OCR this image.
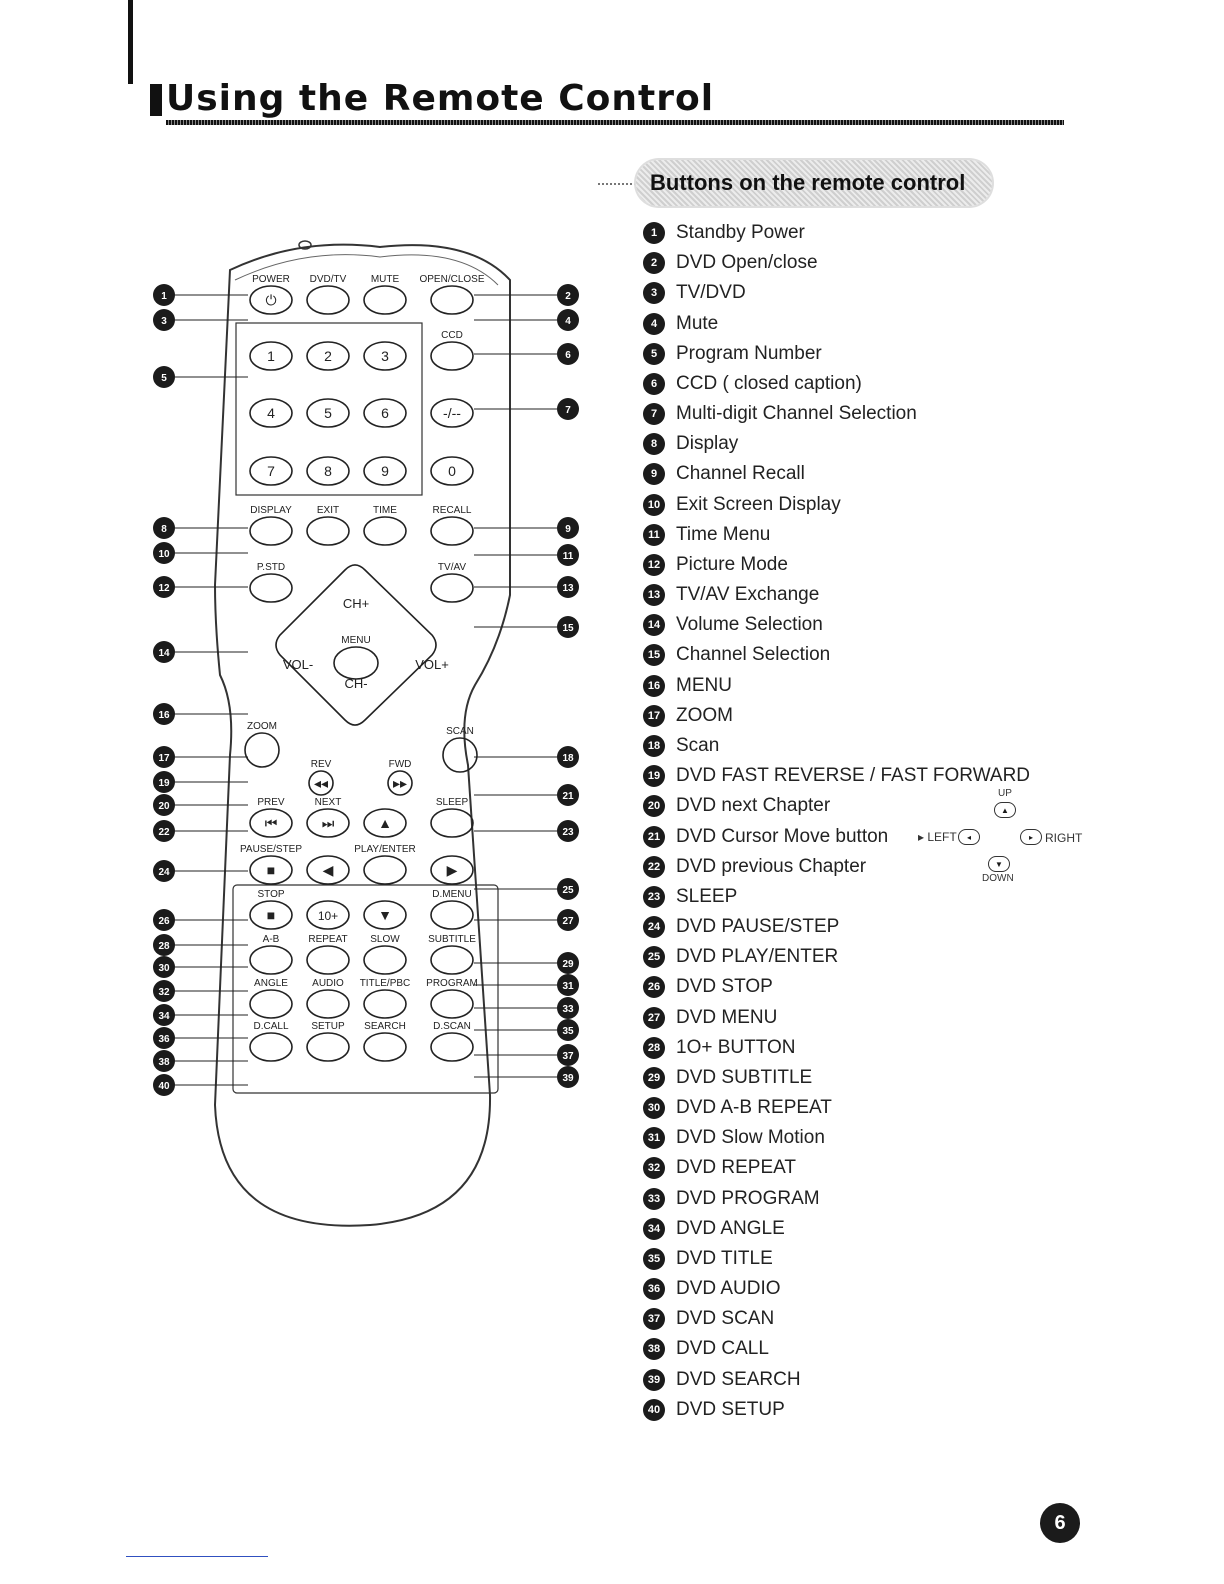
Using the Remote Control
Buttons on the remote control
1 Standby Power
2 DVD Open/close
3 TV/DVD
4 Mute
5 Program Number
6 CCD ( closed caption)
7 Multi-digit Channel Selection
8 Display
9 Channel Recall
10 Exit Screen Display
11 Time Menu
12 Picture Mode
13 TV/AV Exchange
14 Volume Selection
15 Channel Selection
16 MENU
17 ZOOM
18 Scan
19 DVD FAST REVERSE / FAST FORWARD
20 DVD next Chapter
21 DVD Cursor Move button
22 DVD previous Chapter
23 SLEEP
24 DVD PAUSE/STEP
25 DVD PLAY/ENTER
26 DVD STOP
27 DVD MENU
28 1O+ BUTTON
29 DVD SUBTITLE
30 DVD A-B REPEAT
31 DVD Slow Motion
32 DVD REPEAT
33 DVD PROGRAM
34 DVD ANGLE
35 DVD TITLE
36 DVD AUDIO
37 DVD SCAN
38 DVD CALL
39 DVD SEARCH
40 DVD SETUP
UP
▲
▸ LEFT	◂	▸	RIGHT
▼
DOWN
⏻
POWER DVD/TV MUTE OPEN/CLOSE
1	2	3
4	5	6
7	8	9
CCD
-/--
0
DISPLAY	EXIT	TIME	RECALL
P.STD	TV/AV
CH+
CH-
VOL-	VOL+
MENU
ZOOM	SCAN
◂◂
REV
▸▸
FWD
⏮
PREV
⏭
NEXT
▲
SLEEP
■
PAUSE/STEP
◀
PLAY/ENTER
▶
■
STOP
10+	▼
D.MENU
A-B	REPEAT SLOW	SUBTITLE
ANGLE AUDIO TITLE/PBC PROGRAM
D.CALL SETUP SEARCH	D.SCAN
1
3
5
8
10
12
14
16
17
19
20
22
24
26
28
30
32
34
36
38
40
2
4
6
7
9
11
13
15
18
21
23
25
27
29
31
33
35
37
39
6
